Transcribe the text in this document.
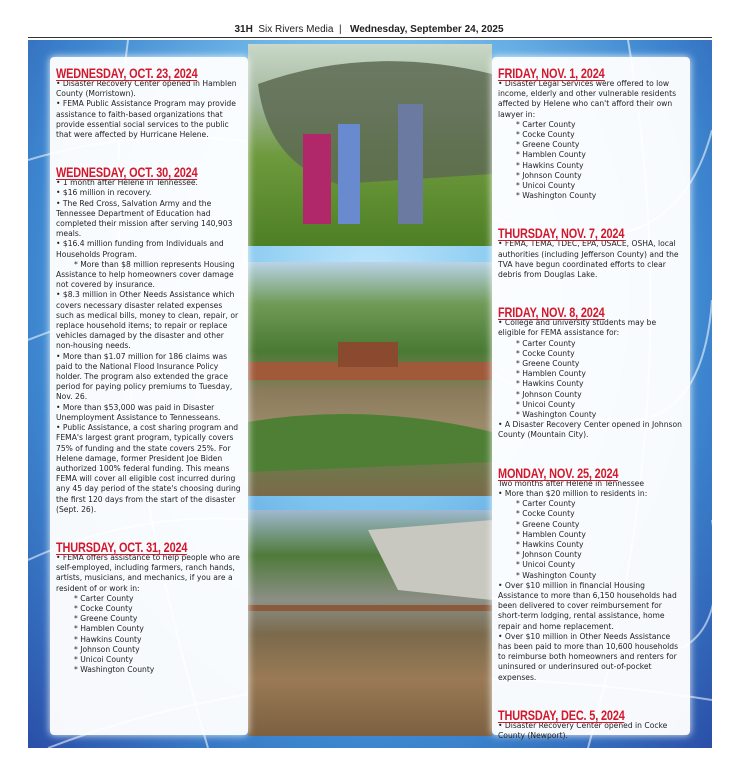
31H Six Rivers Media | Wednesday, September 24, 2025
WEDNESDAY, OCT. 23, 2024
• Disaster Recovery Center opened in Hamblen County (Morristown).
• FEMA Public Assistance Program may provide assistance to faith-based organizations that provide essential social services to the public that were affected by Hurricane Helene.
WEDNESDAY, OCT. 30, 2024
• 1 month after Helene in Tennessee.
• $16 million in recovery.
• The Red Cross, Salvation Army and the Tennessee Department of Education had completed their mission after serving 140,903 meals.
• $16.4 million funding from Individuals and Households Program.
* More than $8 million represents Housing Assistance to help homeowners cover damage not covered by insurance.
• $8.3 million in Other Needs Assistance which covers necessary disaster related expenses such as medical bills, money to clean, repair, or replace household items; to repair or replace vehicles damaged by the disaster and other non-housing needs.
• More than $1.07 million for 186 claims was paid to the National Flood Insurance Policy holder. The program also extended the grace period for paying policy premiums to Tuesday, Nov. 26.
• More than $53,000 was paid in Disaster Unemployment Assistance to Tennesseans.
• Public Assistance, a cost sharing program and FEMA's largest grant program, typically covers 75% of funding and the state covers 25%. For Helene damage, former President Joe Biden authorized 100% federal funding. This means FEMA will cover all eligible cost incurred during any 45 day period of the state's choosing during the first 120 days from the start of the disaster (Sept. 26).
THURSDAY, OCT. 31, 2024
• FEMA offers assistance to help people who are self-employed, including farmers, ranch hands, artists, musicians, and mechanics, if you are a resident of or work in:
* Carter County
* Cocke County
* Greene County
* Hamblen County
* Hawkins County
* Johnson County
* Unicoi County
* Washington County
FRIDAY, NOV. 1, 2024
• Disaster Legal Services were offered to low income, elderly and other vulnerable residents affected by Helene who can't afford their own lawyer in:
* Carter County
* Cocke County
* Greene County
* Hamblen County
* Hawkins County
* Johnson County
* Unicoi County
* Washington County
THURSDAY, NOV. 7, 2024
• FEMA, TEMA, TDEC, EPA, USACE, OSHA, local authorities (including Jefferson County) and the TVA have begun coordinated efforts to clear debris from Douglas Lake.
FRIDAY, NOV. 8, 2024
• College and university students may be eligible for FEMA assistance for:
* Carter County
* Cocke County
* Greene County
* Hamblen County
* Hawkins County
* Johnson County
* Unicoi County
* Washington County
• A Disaster Recovery Center opened in Johnson County (Mountain City).
MONDAY, NOV. 25, 2024
Two months after Helene in Tennessee
• More than $20 million to residents in:
* Carter County
* Cocke County
* Greene County
* Hamblen County
* Hawkins County
* Johnson County
* Unicoi County
* Washington County
• Over $10 million in financial Housing Assistance to more than 6,150 households had been delivered to cover reimbursement for short-term lodging, rental assistance, home repair and home replacement.
• Over $10 million in Other Needs Assistance has been paid to more than 10,600 households to reimburse both homeowners and renters for uninsured or underinsured out-of-pocket expenses.
THURSDAY, DEC. 5, 2024
• Disaster Recovery Center opened in Cocke County (Newport).
